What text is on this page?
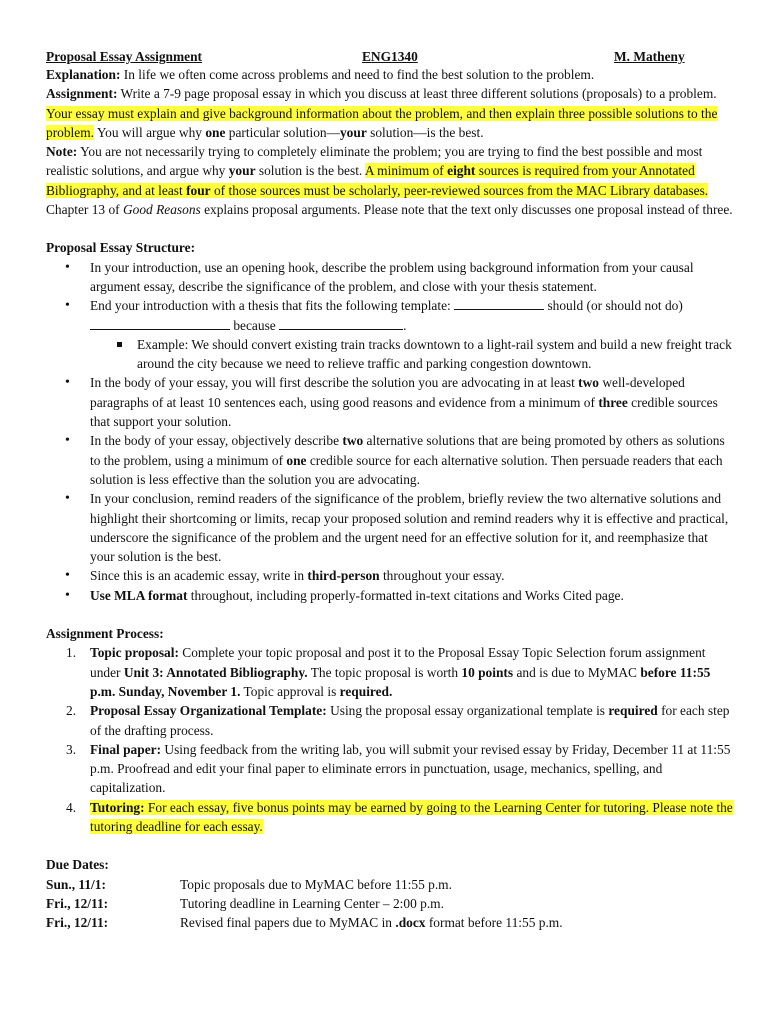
Proposal Essay Assignment	ENG1340	M. Matheny

Explanation: In life we often come across problems and need to find the best solution to the problem.

Assignment: Write a 7-9 page proposal essay in which you discuss at least three different solutions (proposals) to a problem. Your essay must explain and give background information about the problem, and then explain three possible solutions to the problem. You will argue why one particular solution—your solution—is the best.

Note: You are not necessarily trying to completely eliminate the problem; you are trying to find the best possible and most realistic solutions, and argue why your solution is the best. A minimum of eight sources is required from your Annotated Bibliography, and at least four of those sources must be scholarly, peer-reviewed sources from the MAC Library databases. Chapter 13 of Good Reasons explains proposal arguments. Please note that the text only discusses one proposal instead of three.

Proposal Essay Structure:

• In your introduction, use an opening hook, describe the problem using background information from your causal argument essay, describe the significance of the problem, and close with your thesis statement.
• End your introduction with a thesis that fits the following template:	should (or should not do)  because	.
Example: We should convert existing train tracks downtown to a light-rail system and build a new freight track around the city because we need to relieve traffic and parking congestion downtown.
• In the body of your essay, you will first describe the solution you are advocating in at least two well-developed paragraphs of at least 10 sentences each, using good reasons and evidence from a minimum of three credible sources that support your solution.
• In the body of your essay, objectively describe two alternative solutions that are being promoted by others as solutions to the problem, using a minimum of one credible source for each alternative solution. Then persuade readers that each solution is less effective than the solution you are advocating.
• In your conclusion, remind readers of the significance of the problem, briefly review the two alternative solutions and highlight their shortcoming or limits, recap your proposed solution and remind readers why it is effective and practical, underscore the significance of the problem and the urgent need for an effective solution for it, and reemphasize that your solution is the best.
• Since this is an academic essay, write in third-person throughout your essay.
• Use MLA format throughout, including properly-formatted in-text citations and Works Cited page.

Assignment Process:

1. Topic proposal: Complete your topic proposal and post it to the Proposal Essay Topic Selection forum assignment under Unit 3: Annotated Bibliography. The topic proposal is worth 10 points and is due to MyMAC before 11:55 p.m. Sunday, November 1. Topic approval is required.
2. Proposal Essay Organizational Template: Using the proposal essay organizational template is required for each step of the drafting process.
3. Final paper: Using feedback from the writing lab, you will submit your revised essay by Friday, December 11 at 11:55 p.m. Proofread and edit your final paper to eliminate errors in punctuation, usage, mechanics, spelling, and capitalization.
4. Tutoring: For each essay, five bonus points may be earned by going to the Learning Center for tutoring. Please note the tutoring deadline for each essay.

Due Dates:

Sun., 11/1:	Topic proposals due to MyMAC before 11:55 p.m.
Fri., 12/11:	Tutoring deadline in Learning Center – 2:00 p.m.
Fri., 12/11:	Revised final papers due to MyMAC in .docx format before 11:55 p.m.
